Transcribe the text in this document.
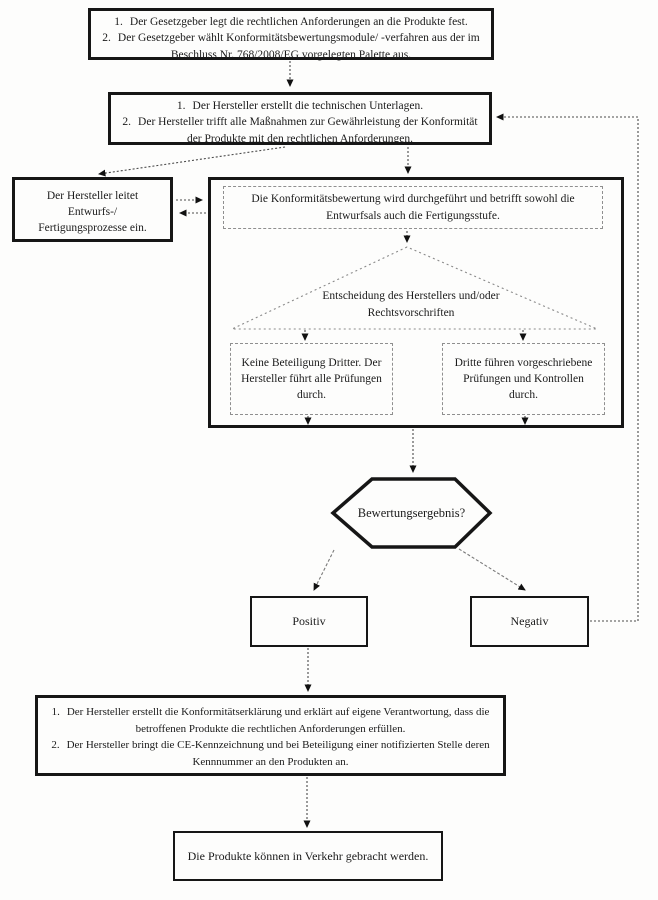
1. Der Gesetzgeber legt die rechtlichen Anforderungen an die Produkte fest.
2. Der Gesetzgeber wählt Konformitätsbewertungsmodule/ -verfahren aus der im Beschluss Nr. 768/2008/EG vorgelegten Palette aus.
1. Der Hersteller erstellt die technischen Unterlagen.
2. Der Hersteller trifft alle Maßnahmen zur Gewährleistung der Konformität der Produkte mit den rechtlichen Anforderungen.
Der Hersteller leitet Entwurfs-/ Fertigungsprozesse ein.
Die Konformitätsbewertung wird durchgeführt und betrifft sowohl die Entwurfsals auch die Fertigungsstufe.
Entscheidung des Herstellers und/oder Rechtsvorschriften
Keine Beteiligung Dritter. Der Hersteller führt alle Prüfungen durch.
Dritte führen vorgeschriebene Prüfungen und Kontrollen durch.
Bewertungsergebnis?
Positiv	Negativ
1. Der Hersteller erstellt die Konformitätserklärung und erklärt auf eigene Verantwortung, dass die betroffenen Produkte die rechtlichen Anforderungen erfüllen.
2. Der Hersteller bringt die CE-Kennzeichnung und bei Beteiligung einer notifizierten Stelle deren Kennnummer an den Produkten an.
Die Produkte können in Verkehr gebracht werden.
